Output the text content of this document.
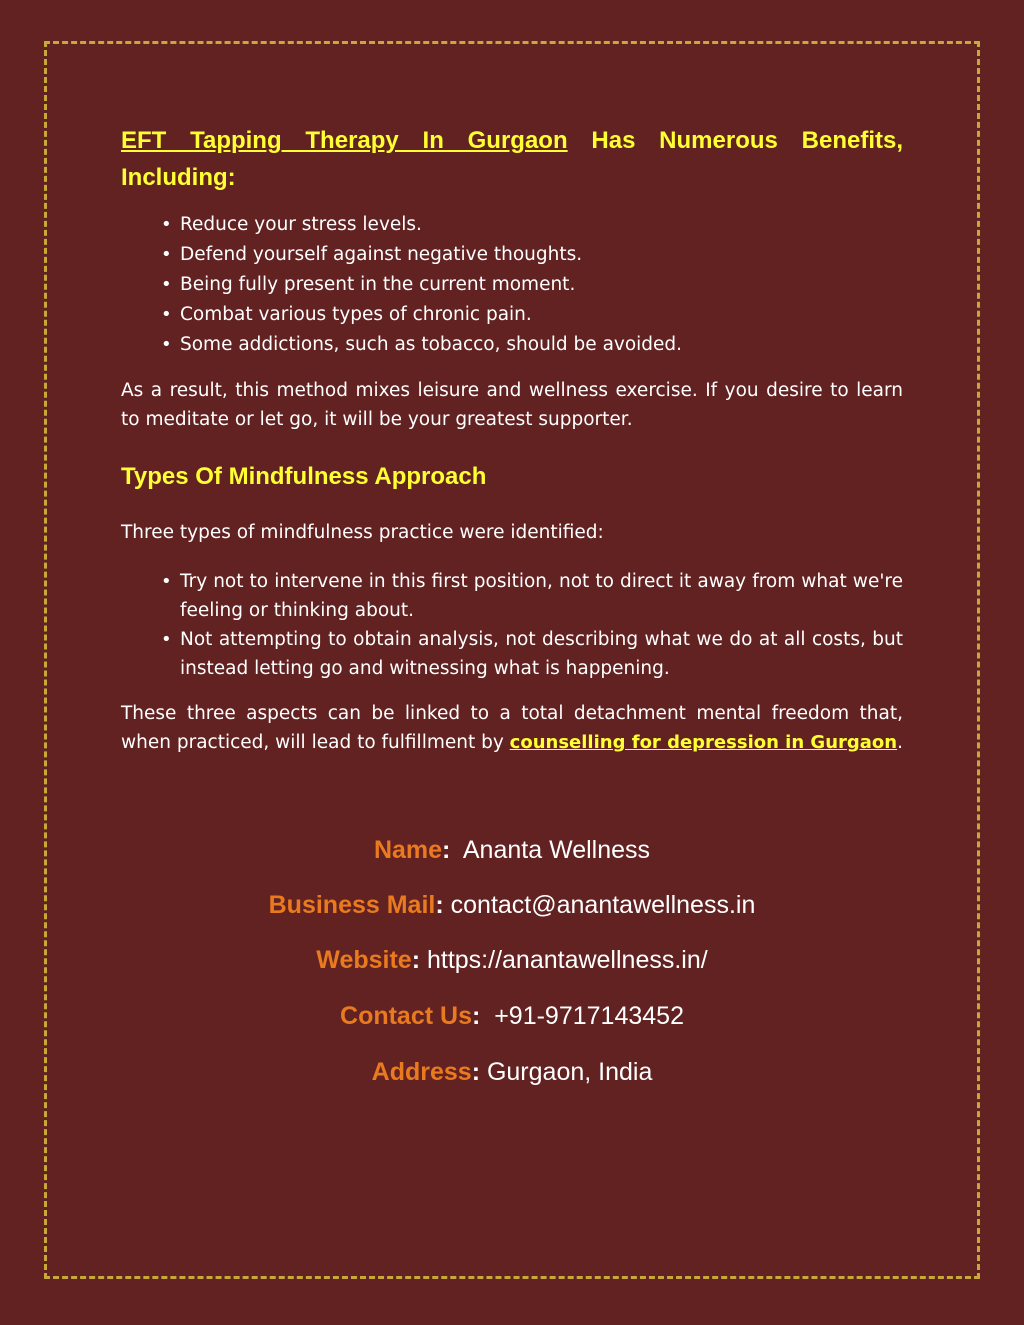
EFT Tapping Therapy In Gurgaon Has Numerous Benefits, Including:

• Reduce your stress levels.
• Defend yourself against negative thoughts.
• Being fully present in the current moment.
• Combat various types of chronic pain.
• Some addictions, such as tobacco, should be avoided.

As a result, this method mixes leisure and wellness exercise. If you desire to learn to meditate or let go, it will be your greatest supporter.

Types Of Mindfulness Approach

Three types of mindfulness practice were identified:

• Try not to intervene in this first position, not to direct it away from what we're feeling or thinking about.
• Not attempting to obtain analysis, not describing what we do at all costs, but instead letting go and witnessing what is happening.

These three aspects can be linked to a total detachment mental freedom that, when practiced, will lead to fulfillment by counselling for depression in Gurgaon.

Name:  Ananta Wellness
Business Mail: contact@anantawellness.in
Website: https://anantawellness.in/
Contact Us:  +91-9717143452
Address: Gurgaon, India
